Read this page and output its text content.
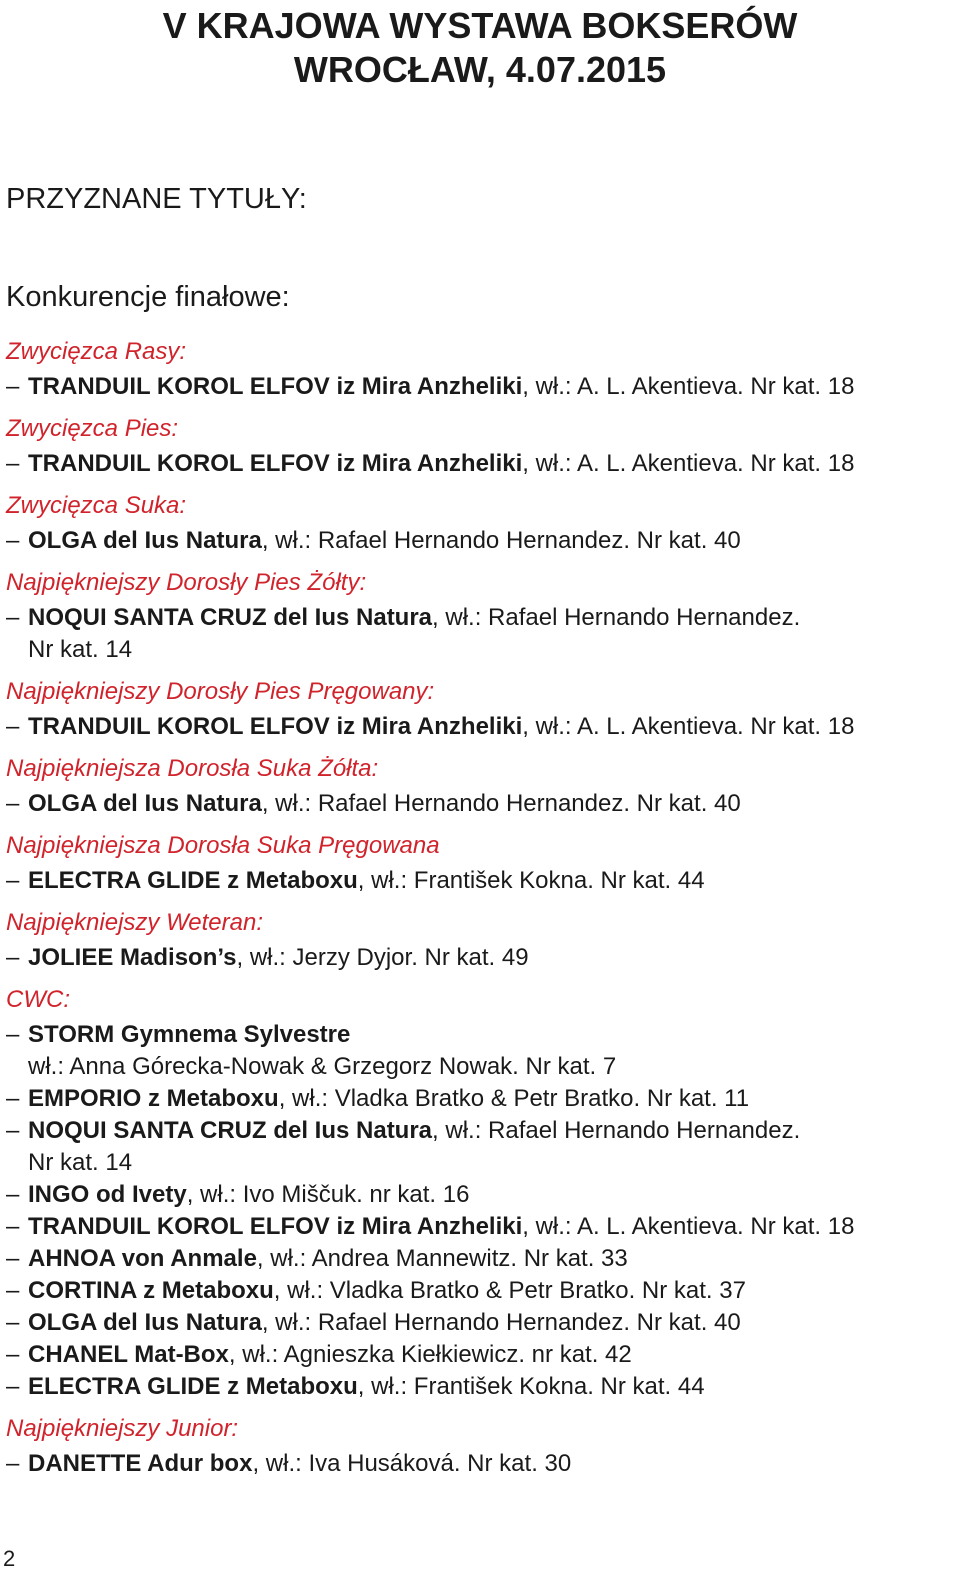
V KRAJOWA WYSTAWA BOKSERÓW
WROCŁAW, 4.07.2015
PRZYZNANE TYTUŁY:
Konkurencje finałowe:
Zwycięzca Rasy:
– TRANDUIL KOROL ELFOV iz Mira Anzheliki, wł.: A. L. Akentieva. Nr kat. 18
Zwycięzca Pies:
– TRANDUIL KOROL ELFOV iz Mira Anzheliki, wł.: A. L. Akentieva. Nr kat. 18
Zwycięzca Suka:
– OLGA del Ius Natura, wł.: Rafael Hernando Hernandez. Nr kat. 40
Najpiękniejszy Dorosły Pies Żółty:
– NOQUI SANTA CRUZ del Ius Natura, wł.: Rafael Hernando Hernandez.
Nr kat. 14
Najpiękniejszy Dorosły Pies Pręgowany:
– TRANDUIL KOROL ELFOV iz Mira Anzheliki, wł.: A. L. Akentieva. Nr kat. 18
Najpiękniejsza Dorosła Suka Żółta:
– OLGA del Ius Natura, wł.: Rafael Hernando Hernandez. Nr kat. 40
Najpiękniejsza Dorosła Suka Pręgowana
– ELECTRA GLIDE z Metaboxu, wł.: František Kokna. Nr kat. 44
Najpiękniejszy Weteran:
– JOLIEE Madison’s, wł.: Jerzy Dyjor. Nr kat. 49
CWC:
– STORM Gymnema Sylvestre
wł.: Anna Górecka-Nowak & Grzegorz Nowak. Nr kat. 7
– EMPORIO z Metaboxu, wł.: Vladka Bratko & Petr Bratko. Nr kat. 11
– NOQUI SANTA CRUZ del Ius Natura, wł.: Rafael Hernando Hernandez.
Nr kat. 14
– INGO od Ivety, wł.: Ivo Miščuk. nr kat. 16
– TRANDUIL KOROL ELFOV iz Mira Anzheliki, wł.: A. L. Akentieva. Nr kat. 18
– AHNOA von Anmale, wł.: Andrea Mannewitz. Nr kat. 33
– CORTINA z Metaboxu, wł.: Vladka Bratko & Petr Bratko. Nr kat. 37
– OLGA del Ius Natura, wł.: Rafael Hernando Hernandez. Nr kat. 40
– CHANEL Mat-Box, wł.: Agnieszka Kiełkiewicz. nr kat. 42
– ELECTRA GLIDE z Metaboxu, wł.: František Kokna. Nr kat. 44
Najpiękniejszy Junior:
– DANETTE Adur box, wł.: Iva Husáková. Nr kat. 30
2
